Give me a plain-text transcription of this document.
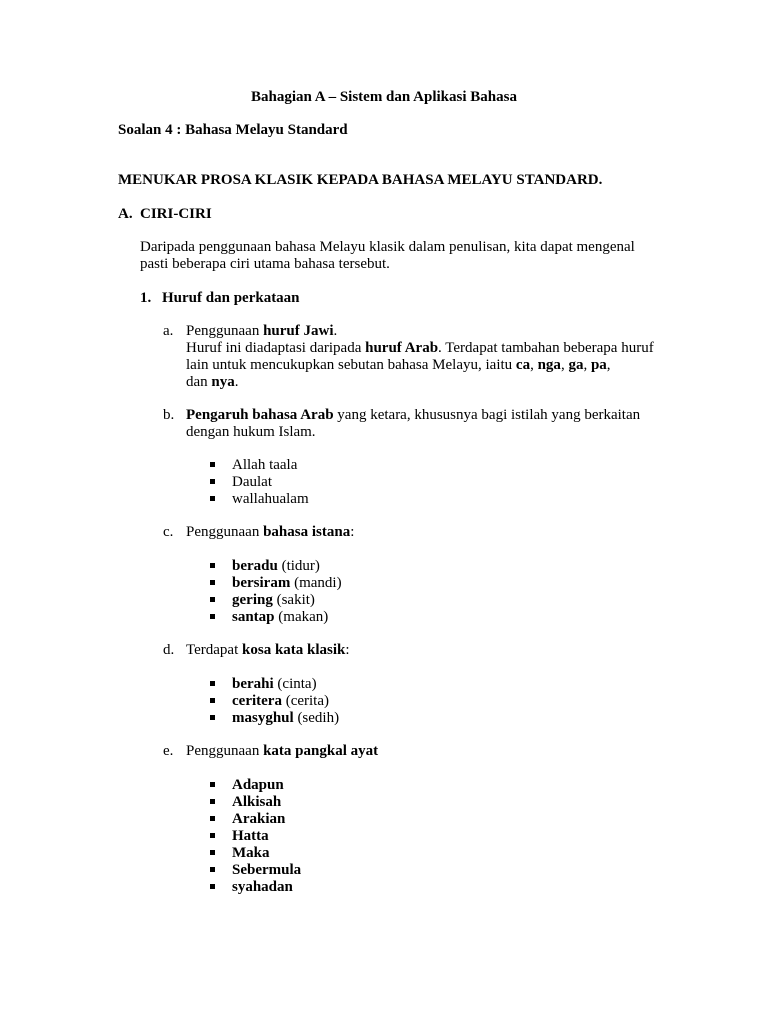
Bahagian A – Sistem dan Aplikasi Bahasa
Soalan 4 : Bahasa Melayu Standard
MENUKAR PROSA KLASIK KEPADA BAHASA MELAYU STANDARD.
A. CIRI-CIRI
Daripada penggunaan bahasa Melayu klasik dalam penulisan, kita dapat mengenal
pasti beberapa ciri utama bahasa tersebut.
1. Huruf dan perkataan
a. Penggunaan huruf Jawi.
Huruf ini diadaptasi daripada huruf Arab. Terdapat tambahan beberapa huruf
lain untuk mencukupkan sebutan bahasa Melayu, iaitu ca, nga, ga, pa,
dan nya.
b. Pengaruh bahasa Arab yang ketara, khususnya bagi istilah yang berkaitan
dengan hukum Islam.
Allah taala
Daulat
wallahualam
c. Penggunaan bahasa istana:
beradu (tidur)
bersiram (mandi)
gering (sakit)
santap (makan)
d. Terdapat kosa kata klasik:
berahi (cinta)
ceritera (cerita)
masyghul (sedih)
e. Penggunaan kata pangkal ayat
Adapun
Alkisah
Arakian
Hatta
Maka
Sebermula
syahadan
